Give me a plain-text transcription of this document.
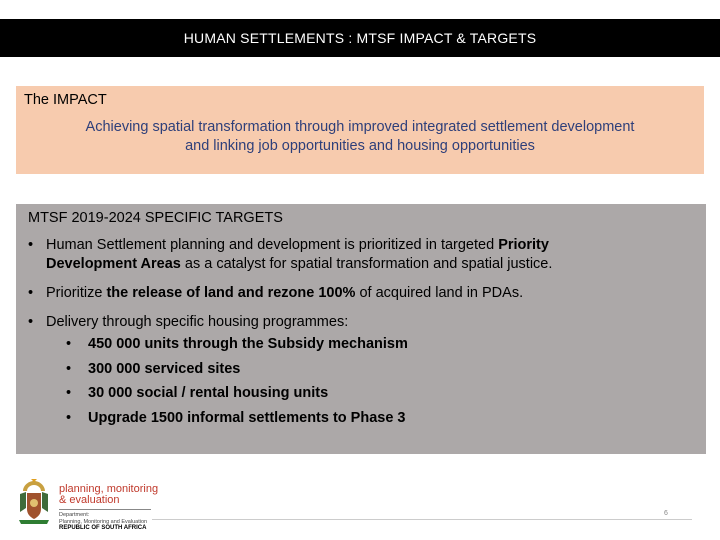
HUMAN SETTLEMENTS : MTSF IMPACT & TARGETS
The IMPACT
Achieving spatial transformation through improved integrated settlement development
and linking job opportunities and housing opportunities
MTSF 2019-2024 SPECIFIC TARGETS
• Human Settlement planning and development is prioritized in targeted Priority
Development Areas as a catalyst for spatial transformation and spatial justice.
• Prioritize the release of land and rezone 100% of acquired land in PDAs.
• Delivery through specific housing programmes:
•	450 000 units through the Subsidy mechanism
•	300 000 serviced sites
•	30 000 social / rental housing units
•	Upgrade 1500 informal settlements to Phase 3
planning, monitoring
& evaluation
Department:
Planning, Monitoring and Evaluation
REPUBLIC OF SOUTH AFRICA
6
